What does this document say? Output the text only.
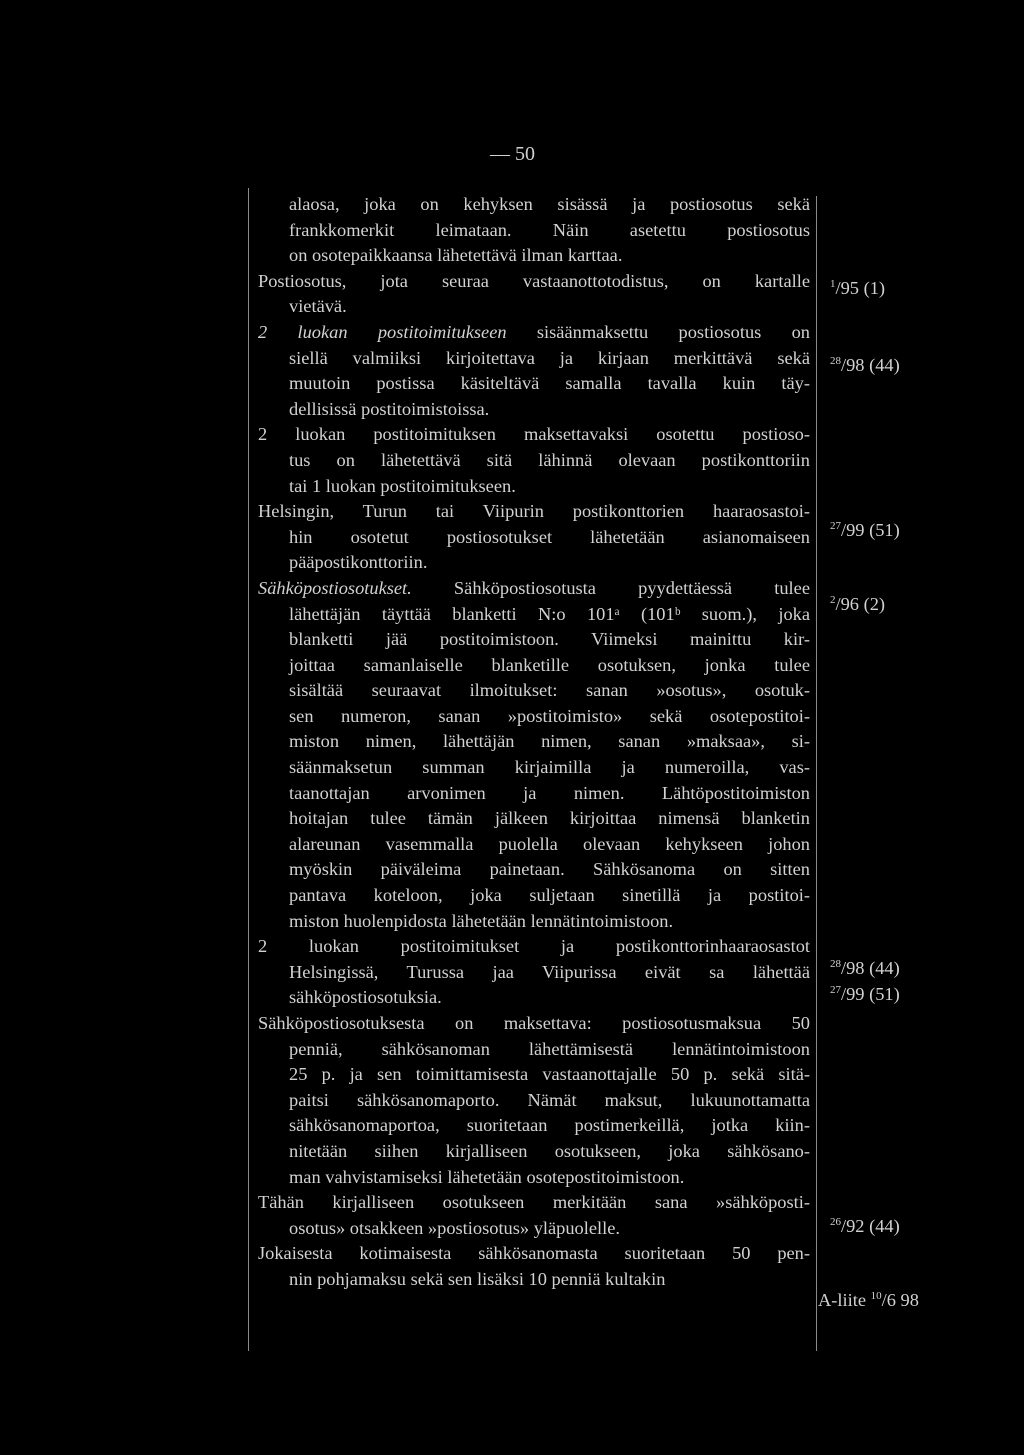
— 50
alaosa, joka on kehyksen sisässä ja postiosotus sekä
frankkomerkit leimataan. Näin asetettu postiosotus
on osotepaikkaansa lähetettävä ilman karttaa.
Postiosotus, jota seuraa vastaanottotodistus, on kartalle
vietävä.
2 luokan postitoimitukseen sisäänmaksettu postiosotus on
siellä valmiiksi kirjoitettava ja kirjaan merkittävä sekä
muutoin postissa käsiteltävä samalla tavalla kuin täy-
dellisissä postitoimistoissa.
2 luokan postitoimituksen maksettavaksi osotettu postioso-
tus on lähetettävä sitä lähinnä olevaan postikonttoriin
tai 1 luokan postitoimitukseen.
Helsingin, Turun tai Viipurin postikonttorien haaraosastoi-
hin osotetut postiosotukset lähetetään asianomaiseen
pääpostikonttoriin.
Sähköpostiosotukset. Sähköpostiosotusta pyydettäessä tulee
lähettäjän täyttää blanketti N:o 101ᵃ (101ᵇ suom.), joka
blanketti jää postitoimistoon. Viimeksi mainittu kir-
joittaa samanlaiselle blanketille osotuksen, jonka tulee
sisältää seuraavat ilmoitukset: sanan »osotus», osotuk-
sen numeron, sanan »postitoimisto» sekä osotepostitoi-
miston nimen, lähettäjän nimen, sanan »maksaa», si-
säänmaksetun summan kirjaimilla ja numeroilla, vas-
taanottajan arvonimen ja nimen. Lähtöpostitoimiston
hoitajan tulee tämän jälkeen kirjoittaa nimensä blanketin
alareunan vasemmalla puolella olevaan kehykseen johon
myöskin päiväleima painetaan. Sähkösanoma on sitten
pantava koteloon, joka suljetaan sinetillä ja postitoi-
miston huolenpidosta lähetetään lennätintoimistoon.
2 luokan postitoimitukset ja postikonttorinhaaraosastot
Helsingissä, Turussa jaa Viipurissa eivät sa lähettää
sähköpostiosotuksia.
Sähköpostiosotuksesta on maksettava: postiosotusmaksua 50
penniä, sähkösanoman lähettämisestä lennätintoimistoon
25 p. ja sen toimittamisesta vastaanottajalle 50 p. sekä sitä-
paitsi sähkösanomaporto. Nämät maksut, lukuunottamatta
sähkösanomaportoa, suoritetaan postimerkeillä, jotka kiin-
nitetään siihen kirjalliseen osotukseen, joka sähkösano-
man vahvistamiseksi lähetetään osotepostitoimistoon.
Tähän kirjalliseen osotukseen merkitään sana »sähköposti-
osotus» otsakkeen »postiosotus» yläpuolelle.
Jokaisesta kotimaisesta sähkösanomasta suoritetaan 50 pen-
nin pohjamaksu sekä sen lisäksi 10 penniä kultakin
$^1$/95 (1)
$^{28}$/98 (44)
$^{27}$/99 (51)
$^2$/96 (2)
$^{28}$/98 (44)
$^{27}$/99 (51)
$^{26}$/92 (44)
A-liite $^{10}$/6 98
